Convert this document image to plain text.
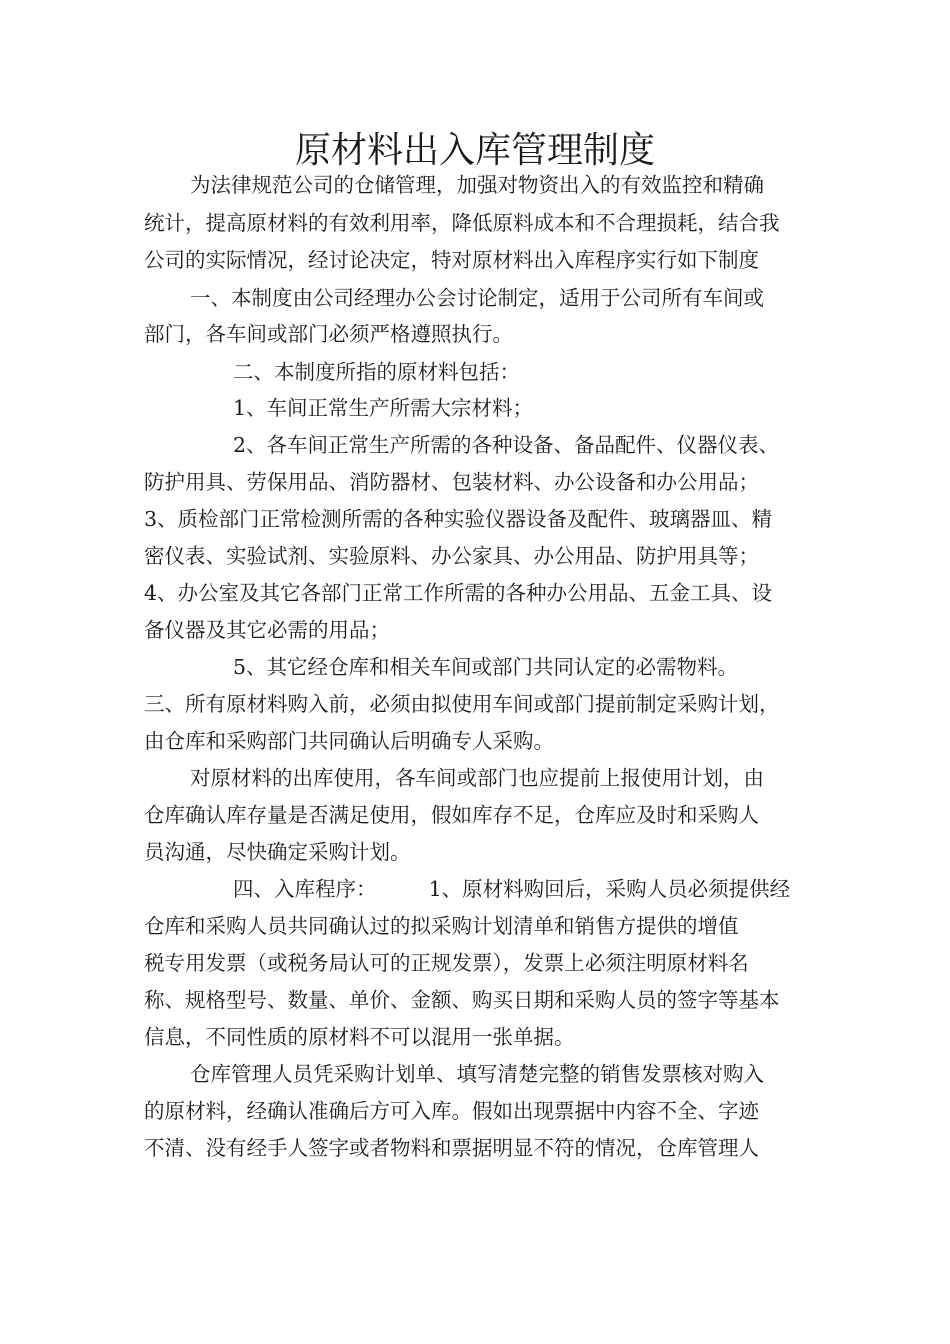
原材料出入库管理制度
为法律规范公司的仓储管理，加强对物资出入的有效监控和精确
统计，提高原材料的有效利用率，降低原料成本和不合理损耗，结合我
公司的实际情况，经讨论决定，特对原材料出入库程序实行如下制度
一、本制度由公司经理办公会讨论制定，适用于公司所有车间或
部门，各车间或部门必须严格遵照执行。
二、本制度所指的原材料包括：
1、车间正常生产所需大宗材料；
2、各车间正常生产所需的各种设备、备品配件、仪器仪表、
防护用具、劳保用品、消防器材、包装材料、办公设备和办公用品；
3、质检部门正常检测所需的各种实验仪器设备及配件、玻璃器皿、精
密仪表、实验试剂、实验原料、办公家具、办公用品、防护用具等；
4、办公室及其它各部门正常工作所需的各种办公用品、五金工具、设
备仪器及其它必需的用品；
5、其它经仓库和相关车间或部门共同认定的必需物料。
三、所有原材料购入前，必须由拟使用车间或部门提前制定采购计划，
由仓库和采购部门共同确认后明确专人采购。
对原材料的出库使用，各车间或部门也应提前上报使用计划，由
仓库确认库存量是否满足使用，假如库存不足，仓库应及时和采购人
员沟通，尽快确定采购计划。
四、入库程序：        1、原材料购回后，采购人员必须提供经
仓库和采购人员共同确认过的拟采购计划清单和销售方提供的增值
税专用发票（或税务局认可的正规发票），发票上必须注明原材料名
称、规格型号、数量、单价、金额、购买日期和采购人员的签字等基本
信息，不同性质的原材料不可以混用一张单据。
仓库管理人员凭采购计划单、填写清楚完整的销售发票核对购入
的原材料，经确认准确后方可入库。假如出现票据中内容不全、字迹
不清、没有经手人签字或者物料和票据明显不符的情况，仓库管理人
